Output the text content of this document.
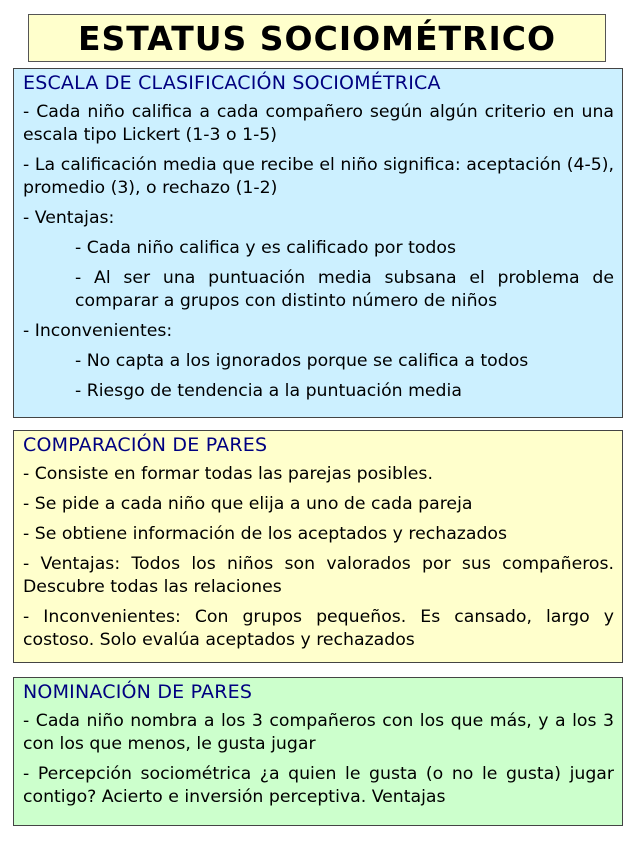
ESTATUS SOCIOMÉTRICO

ESCALA DE CLASIFICACIÓN SOCIOMÉTRICA

- Cada niño califica a cada compañero según algún criterio en una escala tipo Lickert (1-3 o 1-5)

- La calificación media que recibe el niño significa: aceptación (4-5), promedio (3), o rechazo (1-2)

- Ventajas:

- Cada niño califica y es calificado por todos

- Al ser una puntuación media subsana el problema de comparar a grupos con distinto número de niños

- Inconvenientes:

- No capta a los ignorados porque se califica a todos

- Riesgo de tendencia a la puntuación media

COMPARACIÓN DE PARES

- Consiste en formar todas las parejas posibles.

- Se pide a cada niño que elija a uno de cada pareja

- Se obtiene información de los aceptados y rechazados

- Ventajas: Todos los niños son valorados por sus compañeros. Descubre todas las relaciones

- Inconvenientes: Con grupos pequeños. Es cansado, largo y costoso. Solo evalúa aceptados y rechazados

NOMINACIÓN DE PARES

- Cada niño nombra a los 3 compañeros con los que más, y a los 3 con los que menos, le gusta jugar

- Percepción sociométrica ¿a quien le gusta (o no le gusta) jugar contigo? Acierto e inversión perceptiva. Ventajas
